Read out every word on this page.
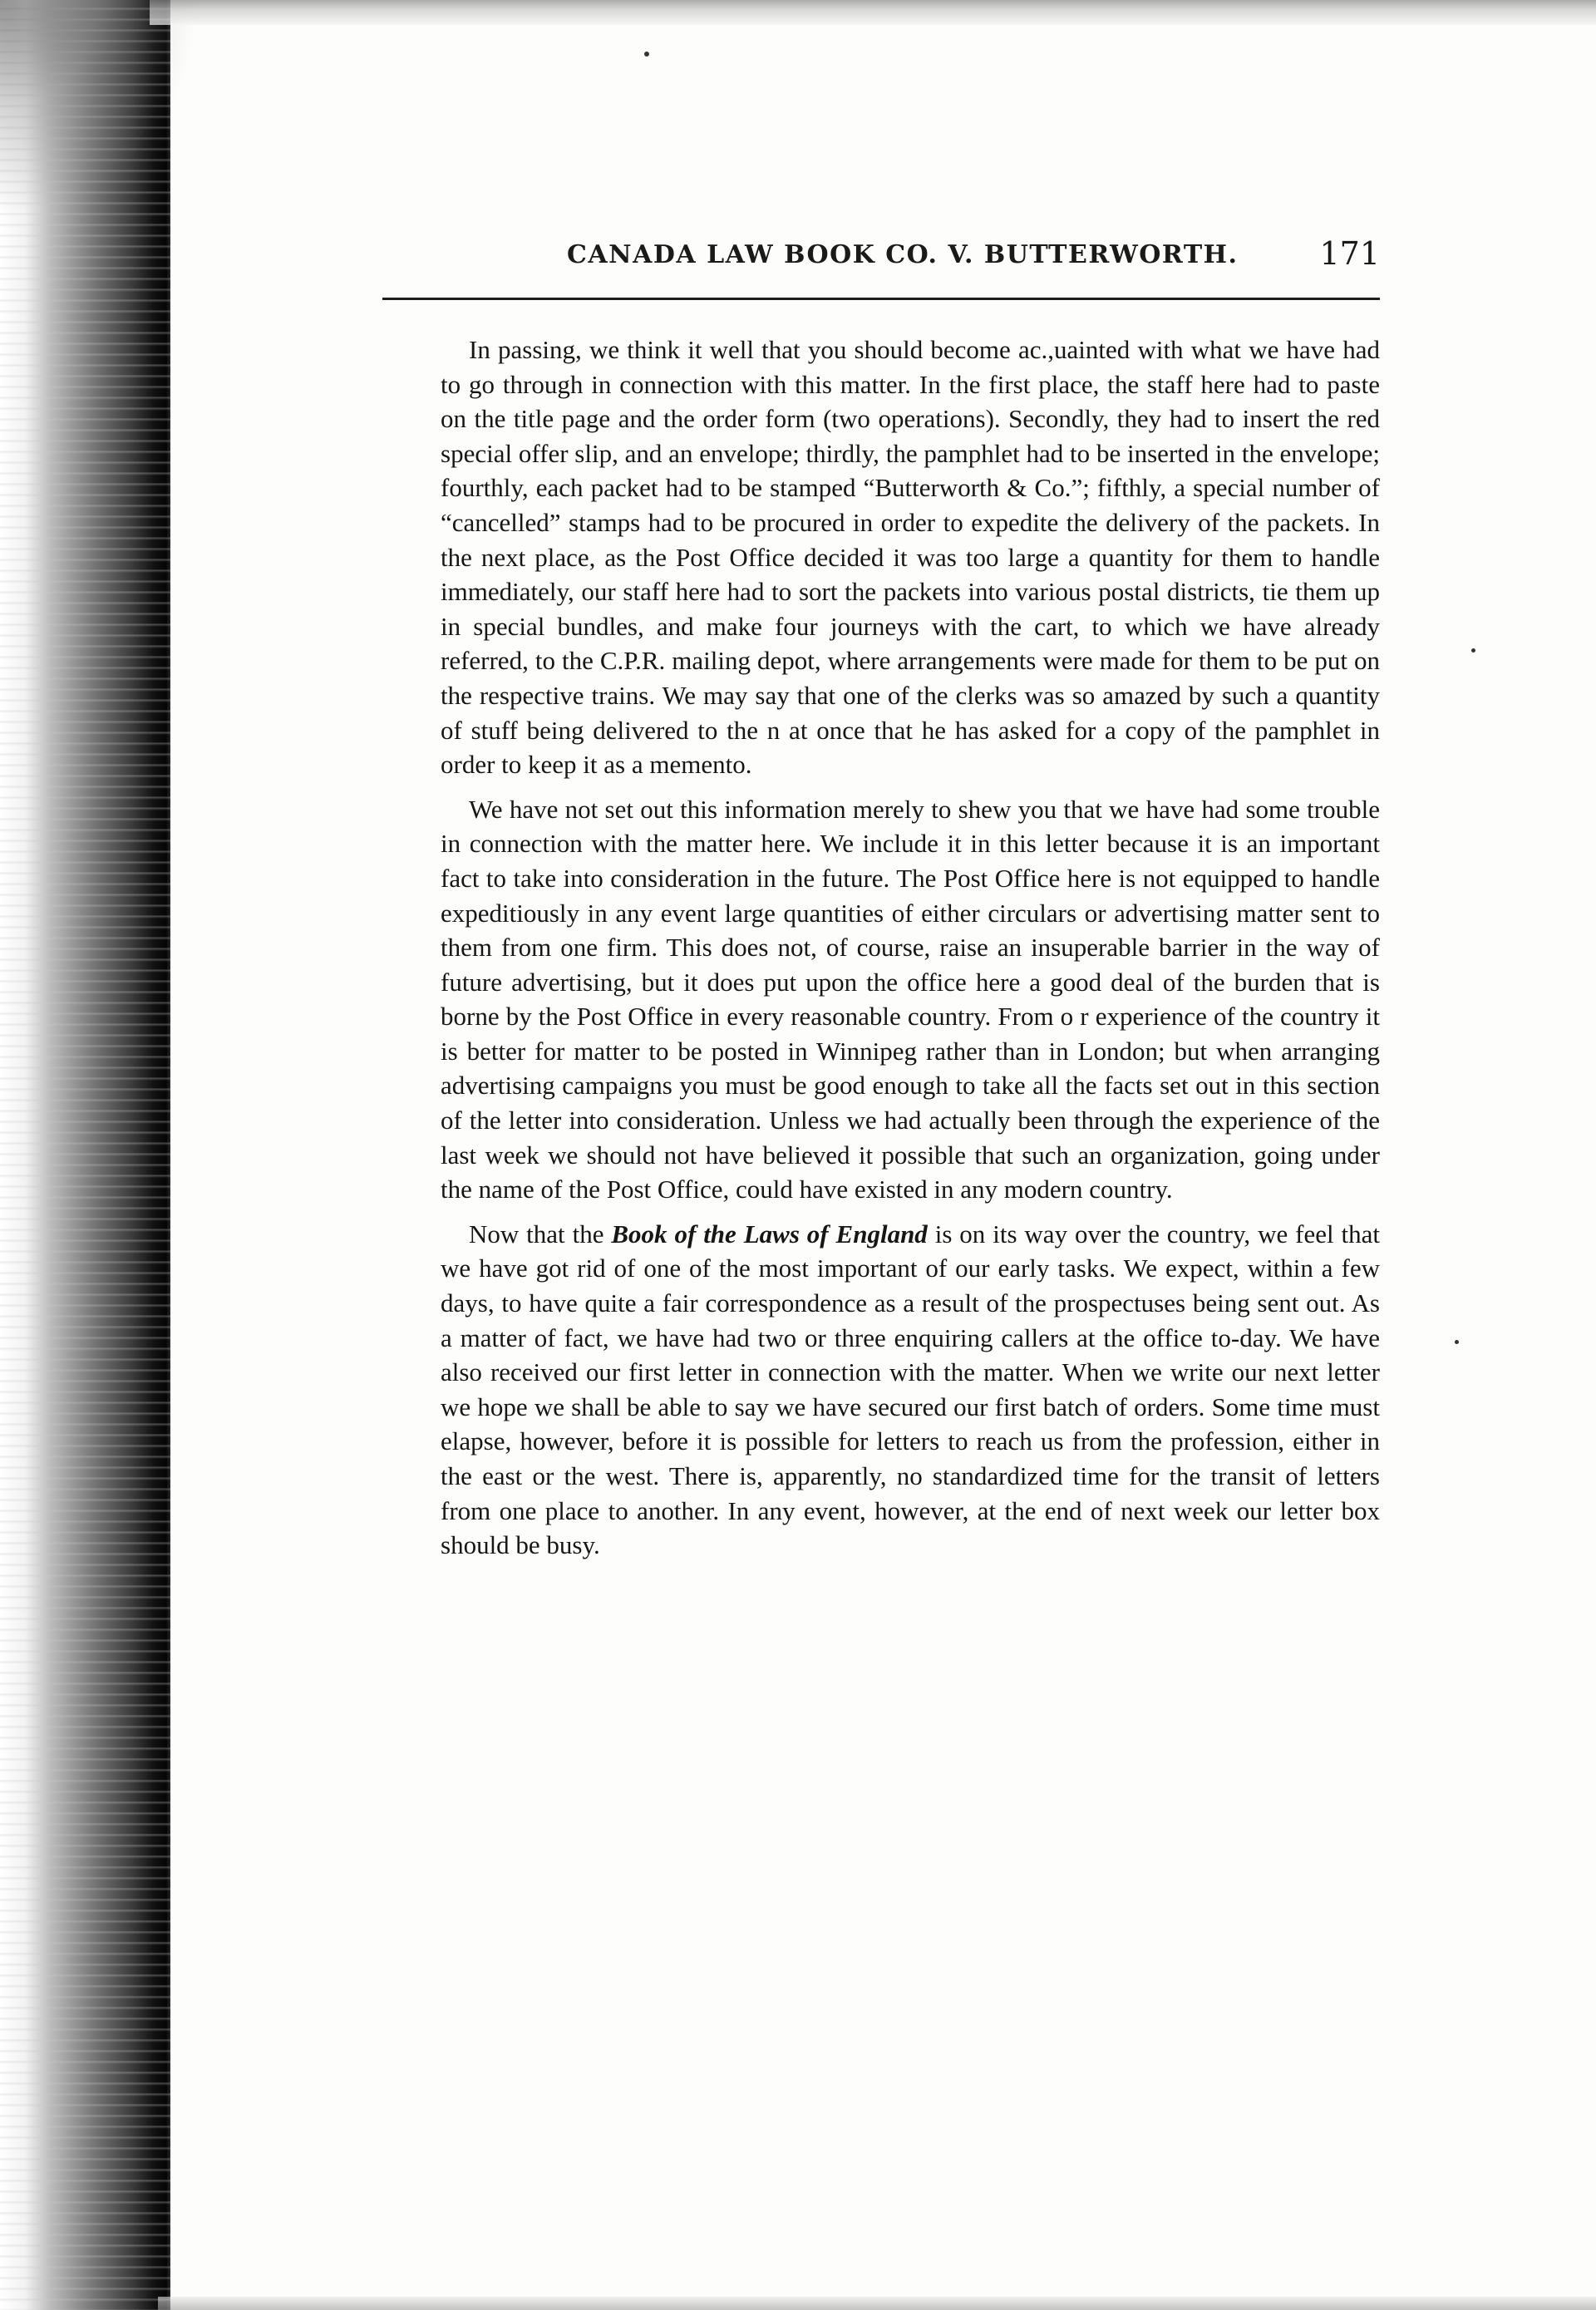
CANADA LAW BOOK CO. V. BUTTERWORTH.	171

In passing, we think it well that you should become ac.,uainted with what we have had to go through in connection with this matter. In the first place, the staff here had to paste on the title page and the order form (two operations). Secondly, they had to insert the red special offer slip, and an envelope; thirdly, the pamphlet had to be inserted in the envelope; fourthly, each packet had to be stamped “Butterworth & Co.”; fifthly, a special number of “cancelled” stamps had to be procured in order to expedite the delivery of the packets. In the next place, as the Post Office decided it was too large a quantity for them to handle immediately, our staff here had to sort the packets into various postal districts, tie them up in special bundles, and make four journeys with the cart, to which we have already referred, to the C.P.R. mailing depot, where arrangements were made for them to be put on the respective trains. We may say that one of the clerks was so amazed by such a quantity of stuff being delivered to the n at once that he has asked for a copy of the pamphlet in order to keep it as a memento.

We have not set out this information merely to shew you that we have had some trouble in connection with the matter here. We include it in this letter because it is an important fact to take into consideration in the future. The Post Office here is not equipped to handle expeditiously in any event large quantities of either circulars or advertising matter sent to them from one firm. This does not, of course, raise an insuperable barrier in the way of future advertising, but it does put upon the office here a good deal of the burden that is borne by the Post Office in every reasonable country. From o r experience of the country it is better for matter to be posted in Winnipeg rather than in London; but when arranging advertising campaigns you must be good enough to take all the facts set out in this section of the letter into consideration. Unless we had actually been through the experience of the last week we should not have believed it possible that such an organization, going under the name of the Post Office, could have existed in any modern country.

Now that the Book of the Laws of England is on its way over the country, we feel that we have got rid of one of the most important of our early tasks. We expect, within a few days, to have quite a fair correspondence as a result of the prospectuses being sent out. As a matter of fact, we have had two or three enquiring callers at the office to-day. We have also received our first letter in connection with the matter. When we write our next letter we hope we shall be able to say we have secured our first batch of orders. Some time must elapse, however, before it is possible for letters to reach us from the profession, either in the east or the west. There is, apparently, no standardized time for the transit of letters from one place to another. In any event, however, at the end of next week our letter box should be busy.
